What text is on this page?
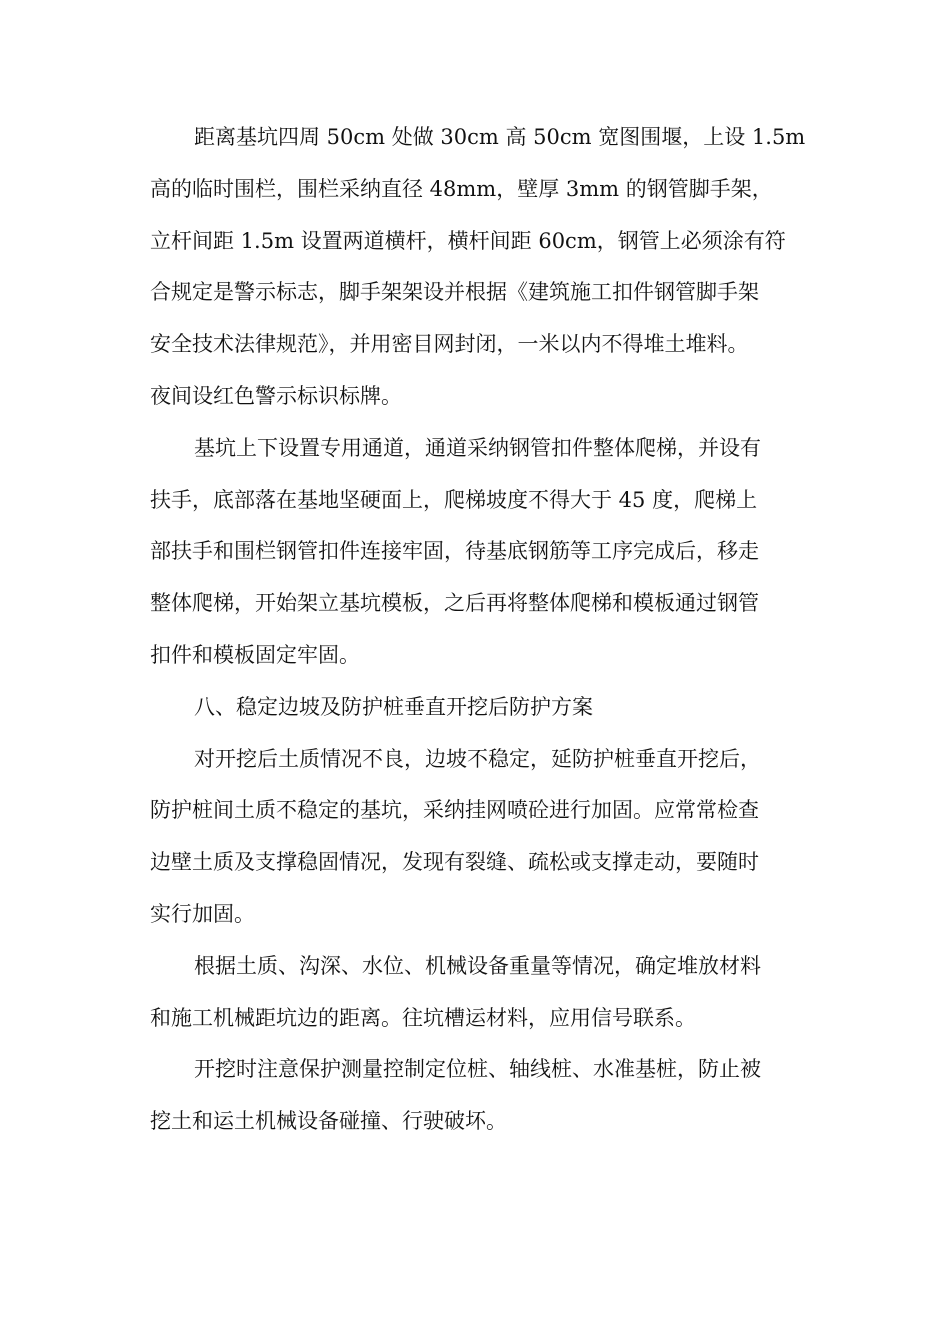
距离基坑四周 50cm 处做 30cm 高 50cm 宽图围堰，上设 1.5m
高的临时围栏，围栏采纳直径 48mm，壁厚 3mm 的钢管脚手架，
立杆间距 1.5m 设置两道横杆，横杆间距 60cm，钢管上必须涂有符
合规定是警示标志，脚手架架设并根据《建筑施工扣件钢管脚手架
安全技术法律规范》，并用密目网封闭，一米以内不得堆土堆料。
夜间设红色警示标识标牌。

基坑上下设置专用通道，通道采纳钢管扣件整体爬梯，并设有
扶手，底部落在基地坚硬面上，爬梯坡度不得大于 45 度，爬梯上
部扶手和围栏钢管扣件连接牢固，待基底钢筋等工序完成后，移走
整体爬梯，开始架立基坑模板，之后再将整体爬梯和模板通过钢管
扣件和模板固定牢固。

八、稳定边坡及防护桩垂直开挖后防护方案

对开挖后土质情况不良，边坡不稳定，延防护桩垂直开挖后，
防护桩间土质不稳定的基坑，采纳挂网喷砼进行加固。应常常检查
边壁土质及支撑稳固情况，发现有裂缝、疏松或支撑走动，要随时
实行加固。

根据土质、沟深、水位、机械设备重量等情况，确定堆放材料
和施工机械距坑边的距离。往坑槽运材料，应用信号联系。

开挖时注意保护测量控制定位桩、轴线桩、水准基桩，防止被
挖土和运土机械设备碰撞、行驶破坏。
